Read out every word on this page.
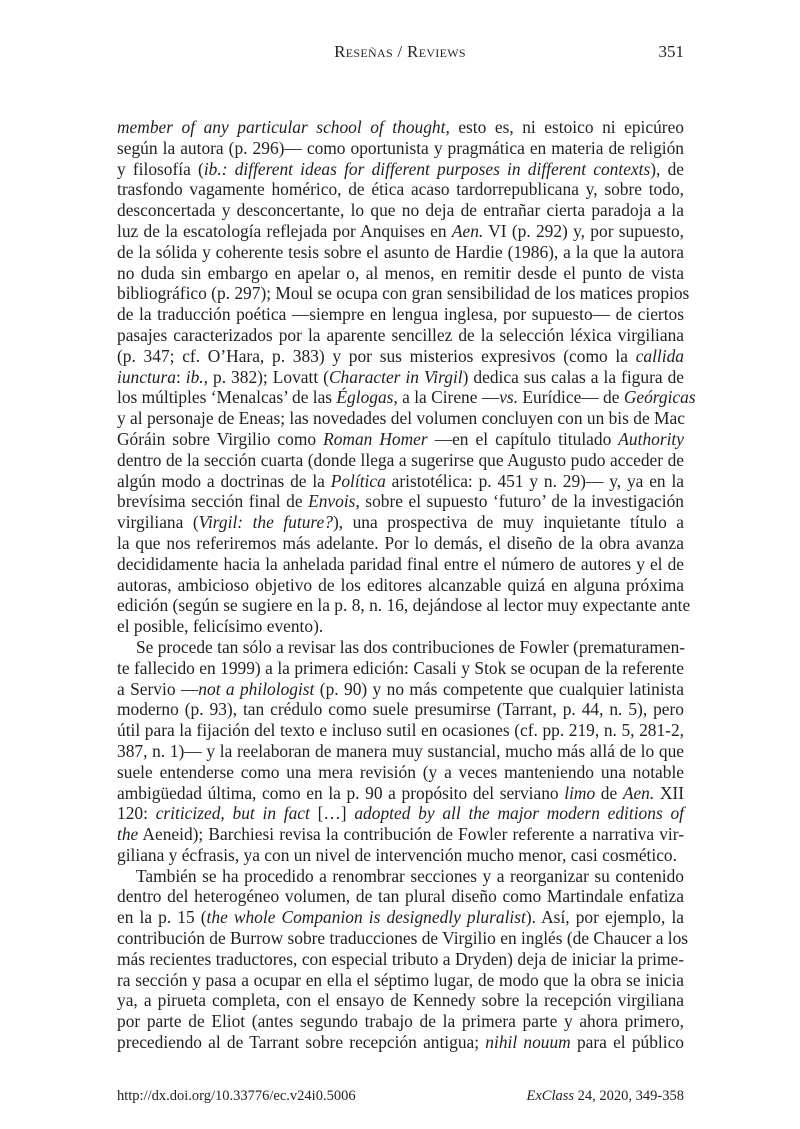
Reseñas / Reviews	351
member of any particular school of thought, esto es, ni estoico ni epicúreo
según la autora (p. 296)— como oportunista y pragmática en materia de religión
y filosofía (ib.: different ideas for different purposes in different contexts), de
trasfondo vagamente homérico, de ética acaso tardorrepublicana y, sobre todo,
desconcertada y desconcertante, lo que no deja de entrañar cierta paradoja a la
luz de la escatología reflejada por Anquises en Aen. VI (p. 292) y, por supuesto,
de la sólida y coherente tesis sobre el asunto de Hardie (1986), a la que la autora
no duda sin embargo en apelar o, al menos, en remitir desde el punto de vista
bibliográfico (p. 297); Moul se ocupa con gran sensibilidad de los matices propios
de la traducción poética —siempre en lengua inglesa, por supuesto— de ciertos
pasajes caracterizados por la aparente sencillez de la selección léxica virgiliana
(p. 347; cf. O’Hara, p. 383) y por sus misterios expresivos (como la callida
iunctura: ib., p. 382); Lovatt (Character in Virgil) dedica sus calas a la figura de
los múltiples ‘Menalcas’ de las Églogas, a la Cirene —vs. Eurídice— de Geórgicas
y al personaje de Eneas; las novedades del volumen concluyen con un bis de Mac
Góráin sobre Virgilio como Roman Homer —en el capítulo titulado Authority
dentro de la sección cuarta (donde llega a sugerirse que Augusto pudo acceder de
algún modo a doctrinas de la Política aristotélica: p. 451 y n. 29)— y, ya en la
brevísima sección final de Envois, sobre el supuesto ‘futuro’ de la investigación
virgiliana (Virgil: the future?), una prospectiva de muy inquietante título a
la que nos referiremos más adelante. Por lo demás, el diseño de la obra avanza
decididamente hacia la anhelada paridad final entre el número de autores y el de
autoras, ambicioso objetivo de los editores alcanzable quizá en alguna próxima
edición (según se sugiere en la p. 8, n. 16, dejándose al lector muy expectante ante
el posible, felicísimo evento).
Se procede tan sólo a revisar las dos contribuciones de Fowler (prematuramen-
te fallecido en 1999) a la primera edición: Casali y Stok se ocupan de la referente
a Servio —not a philologist (p. 90) y no más competente que cualquier latinista
moderno (p. 93), tan crédulo como suele presumirse (Tarrant, p. 44, n. 5), pero
útil para la fijación del texto e incluso sutil en ocasiones (cf. pp. 219, n. 5, 281-2,
387, n. 1)— y la reelaboran de manera muy sustancial, mucho más allá de lo que
suele entenderse como una mera revisión (y a veces manteniendo una notable
ambigüedad última, como en la p. 90 a propósito del serviano limo de Aen. XII
120: criticized, but in fact […] adopted by all the major modern editions of
the Aeneid); Barchiesi revisa la contribución de Fowler referente a narrativa vir-
giliana y écfrasis, ya con un nivel de intervención mucho menor, casi cosmético.
También se ha procedido a renombrar secciones y a reorganizar su contenido
dentro del heterogéneo volumen, de tan plural diseño como Martindale enfatiza
en la p. 15 (the whole Companion is designedly pluralist). Así, por ejemplo, la
contribución de Burrow sobre traducciones de Virgilio en inglés (de Chaucer a los
más recientes traductores, con especial tributo a Dryden) deja de iniciar la prime-
ra sección y pasa a ocupar en ella el séptimo lugar, de modo que la obra se inicia
ya, a pirueta completa, con el ensayo de Kennedy sobre la recepción virgiliana
por parte de Eliot (antes segundo trabajo de la primera parte y ahora primero,
precediendo al de Tarrant sobre recepción antigua; nihil nouum para el público
http://dx.doi.org/10.33776/ec.v24i0.5006	ExClass 24, 2020, 349-358
